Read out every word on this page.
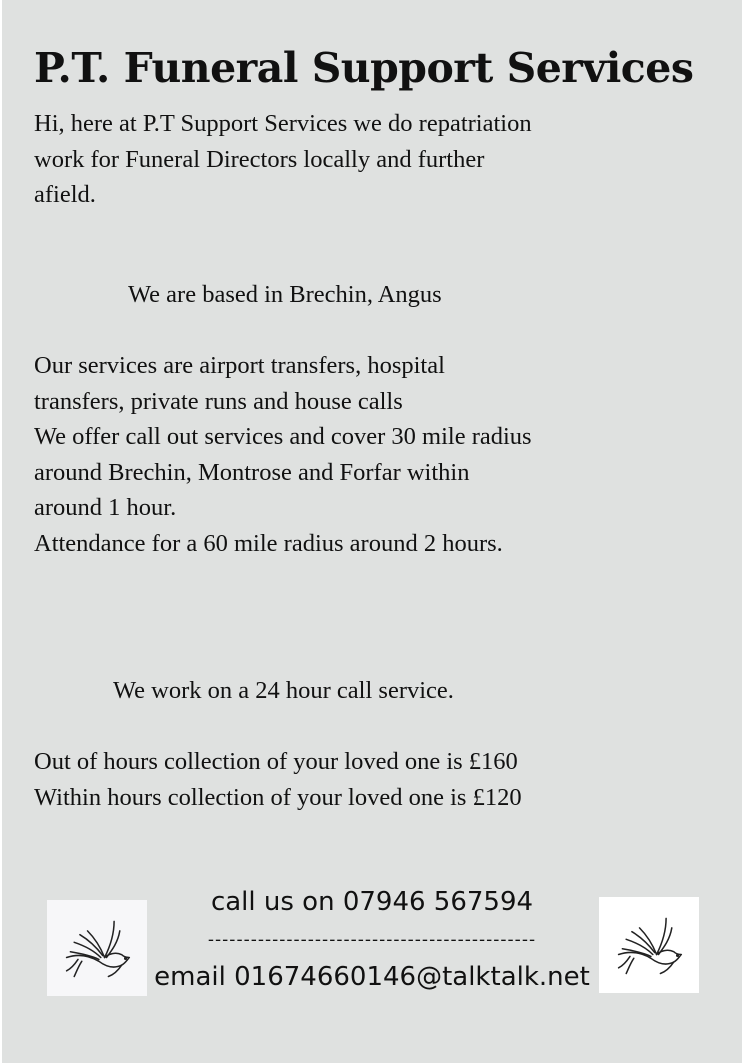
P.T. Funeral Support Services
Hi, here at P.T Support Services we do repatriation
work for Funeral Directors locally and further
afield.
We are based in Brechin, Angus
Our services are airport transfers, hospital
transfers, private runs and house calls
We offer call out services and cover 30 mile radius
around Brechin, Montrose and Forfar within
around 1 hour.
Attendance for a 60 mile radius around 2 hours.
We work on a 24 hour call service.
Out of hours collection of your loved one is £160
Within hours collection of your loved one is £120
call us on 07946 567594
----------------------------------------------
email 01674660146@talktalk.net
